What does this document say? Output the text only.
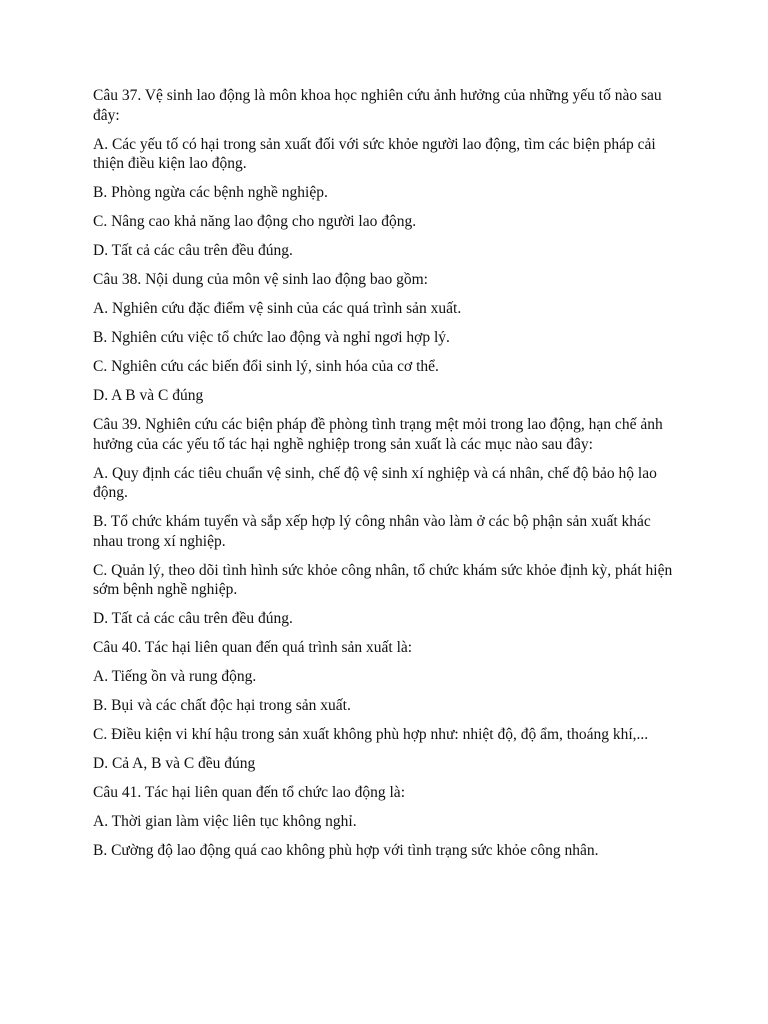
Câu 37. Vệ sinh lao động là môn khoa học nghiên cứu ảnh hưởng của những yếu tố nào sau đây:

A. Các yếu tố có hại trong sản xuất đối với sức khỏe người lao động, tìm các biện pháp cải thiện điều kiện lao động.

B. Phòng ngừa các bệnh nghề nghiệp.

C. Nâng cao khả năng lao động cho người lao động.

D. Tất cả các câu trên đều đúng.

Câu 38. Nội dung của môn vệ sinh lao động bao gồm:

A. Nghiên cứu đặc điểm vệ sinh của các quá trình sản xuất.

B. Nghiên cứu việc tổ chức lao động và nghỉ ngơi hợp lý.

C. Nghiên cứu các biến đổi sinh lý, sinh hóa của cơ thể.

D. A B và C đúng

Câu 39. Nghiên cứu các biện pháp đề phòng tình trạng mệt mỏi trong lao động, hạn chế ảnh hưởng của các yếu tố tác hại nghề nghiệp trong sản xuất là các mục nào sau đây:

A. Quy định các tiêu chuẩn vệ sinh, chế độ vệ sinh xí nghiệp và cá nhân, chế độ bảo hộ lao động.

B. Tổ chức khám tuyển và sắp xếp hợp lý công nhân vào làm ở các bộ phận sản xuất khác nhau trong xí nghiệp.

C. Quản lý, theo dõi tình hình sức khỏe công nhân, tổ chức khám sức khỏe định kỳ, phát hiện sớm bệnh nghề nghiệp.

D. Tất cả các câu trên đều đúng.

Câu 40. Tác hại liên quan đến quá trình sản xuất là:

A. Tiếng ồn và rung động.

B. Bụi và các chất độc hại trong sản xuất.

C. Điều kiện vi khí hậu trong sản xuất không phù hợp như: nhiệt độ, độ ẩm, thoáng khí,...

D. Cả A, B và C đều đúng

Câu 41. Tác hại liên quan đến tổ chức lao động là:

A. Thời gian làm việc liên tục không nghỉ.

B. Cường độ lao động quá cao không phù hợp với tình trạng sức khỏe công nhân.
